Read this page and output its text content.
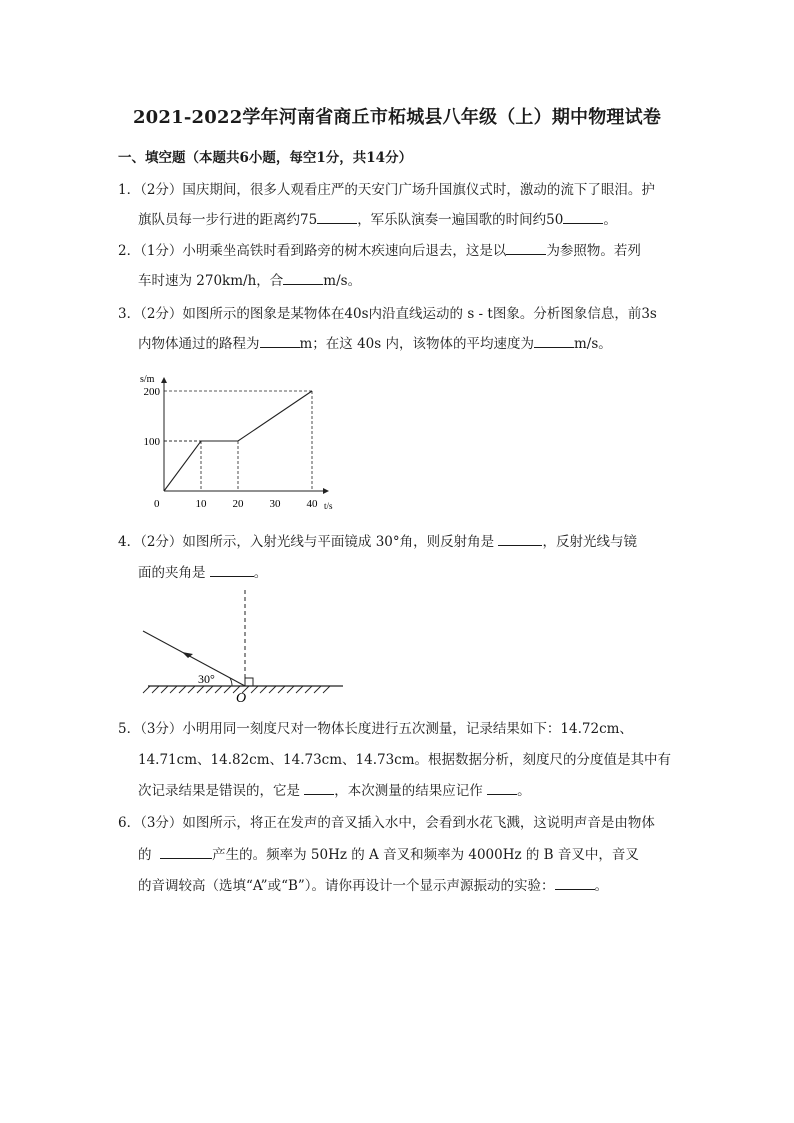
2021-2022学年河南省商丘市柘城县八年级（上）期中物理试卷
一、填空题（本题共6小题，每空1分，共14分）
1．（2分）国庆期间，很多人观看庄严的天安门广场升国旗仪式时，激动的流下了眼泪。护
旗队员每一步行进的距离约75	，军乐队演奏一遍国歌的时间约50	。
2．（1分）小明乘坐高铁时看到路旁的树木疾速向后退去，这是以	为参照物。若列
车时速为 270km/h，合	m/s。
3．（2分）如图所示的图象是某物体在40s内沿直线运动的 s - t图象。分析图象信息，前3s
内物体通过的路程为	m；在这 40s 内，该物体的平均速度为	m/s。
s/m
t/s
0	10 20 30 40
100
200
4．（2分）如图所示，入射光线与平面镜成 30°角，则反射角是	，反射光线与镜
面的夹角是	。
30°
O
5．（3分）小明用同一刻度尺对一物体长度进行五次测量，记录结果如下：14.72cm、
14.71cm、14.82cm、14.73cm、14.73cm。根据数据分析，刻度尺的分度值是其中有
次记录结果是错误的，它是	，本次测量的结果应记作	。
6．（3分）如图所示，将正在发声的音叉插入水中，会看到水花飞溅，这说明声音是由物体
的	产生的。频率为 50Hz 的 A 音叉和频率为 4000Hz 的 B 音叉中，音叉
的音调较高（选填“A”或“B”）。请你再设计一个显示声源振动的实验：	。
